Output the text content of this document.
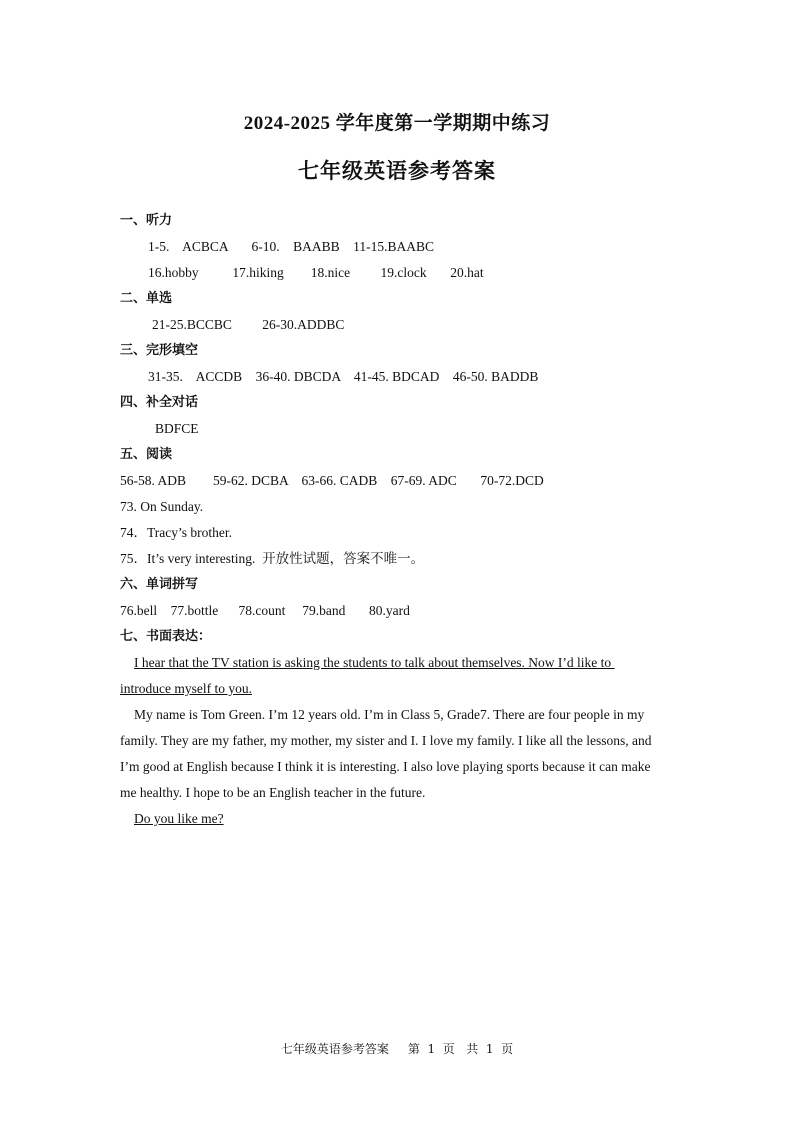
2024-2025 学年度第一学期期中练习
七年级英语参考答案
一、听力
1-5.    ACBCA       6-10.    BAABB    11-15.BAABC
16.hobby          17.hiking        18.nice         19.clock       20.hat
二、单选
21-25.BCCBC         26-30.ADDBC
三、完形填空
31-35.    ACCDB    36-40. DBCDA    41-45. BDCAD    46-50. BADDB
四、补全对话
BDFCE
五、阅读
56-58. ADB        59-62. DCBA    63-66. CADB    67-69. ADC       70-72.DCD
73. On Sunday.
74．Tracy’s brother.
75．It’s very interesting.  开放性试题，答案不唯一。
六、单词拼写
76.bell    77.bottle      78.count     79.band       80.yard
七、书面表达：
I hear that the TV station is asking the students to talk about themselves. Now I’d like to
introduce myself to you.
My name is Tom Green. I’m 12 years old. I’m in Class 5, Grade7. There are four people in my
family. They are my father, my mother, my sister and I. I love my family. I like all the lessons, and
I’m good at English because I think it is interesting. I also love playing sports because it can make
me healthy. I hope to be an English teacher in the future.
Do you like me?
七年级英语参考答案     第  1  页   共  1  页
